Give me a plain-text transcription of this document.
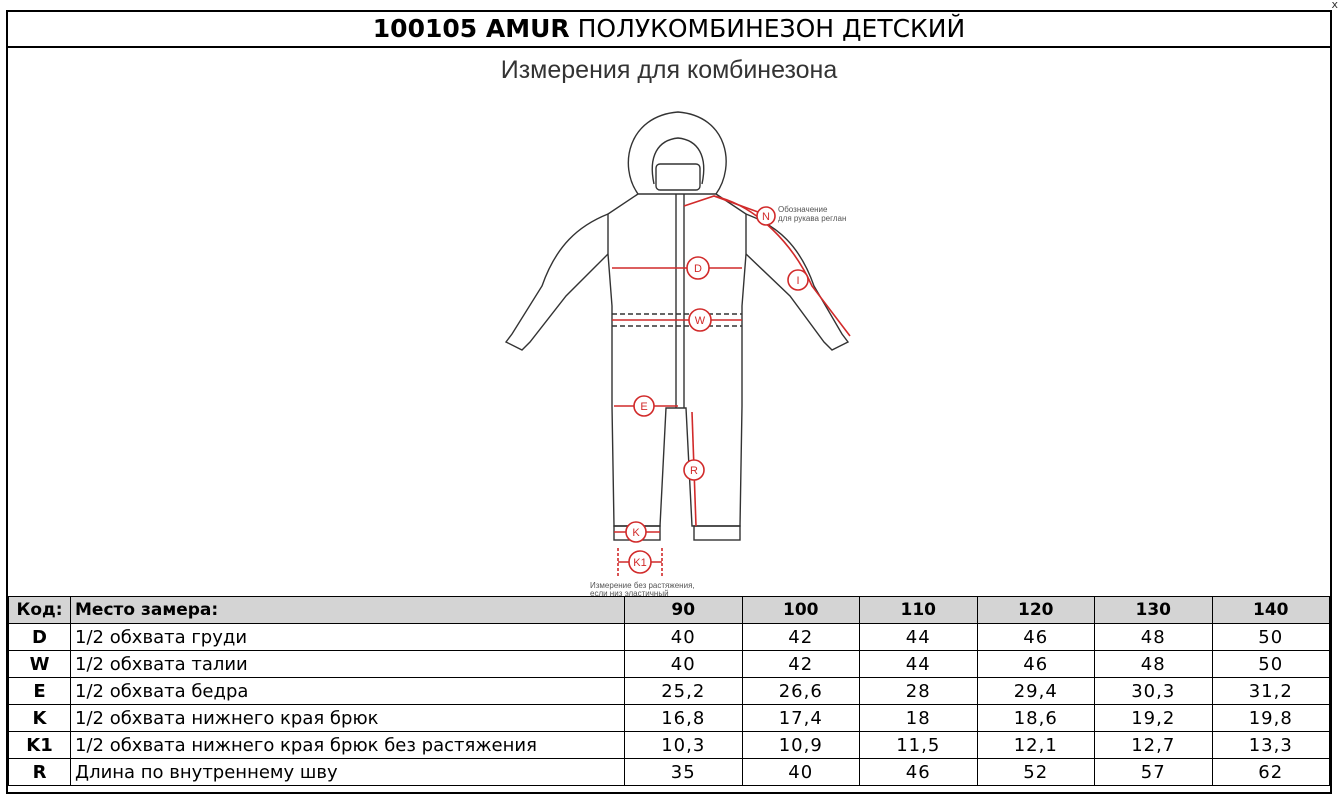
100105 AMUR ПОЛУКОМБИНЕЗОН ДЕТСКИЙ
Измерения для комбинезона
N
D
I
W
E
R
K
K1
Обозначение
для рукава реглан
Измерение без растяжения,
если низ эластичный
Код:	Место замера:	90	100	110	120	130	140
D	1/2 обхвата груди	40	42	44	46	48	50
W	1/2 обхвата талии	40	42	44	46	48	50
E	1/2 обхвата бедра	25,2	26,6	28	29,4	30,3	31,2
K	1/2 обхвата нижнего края брюк	16,8	17,4	18	18,6	19,2	19,8
K1	1/2 обхвата нижнего края брюк без растяжения	10,3	10,9	11,5	12,1	12,7	13,3
R	Длина по внутреннему шву	35	40	46	52	57	62
x
